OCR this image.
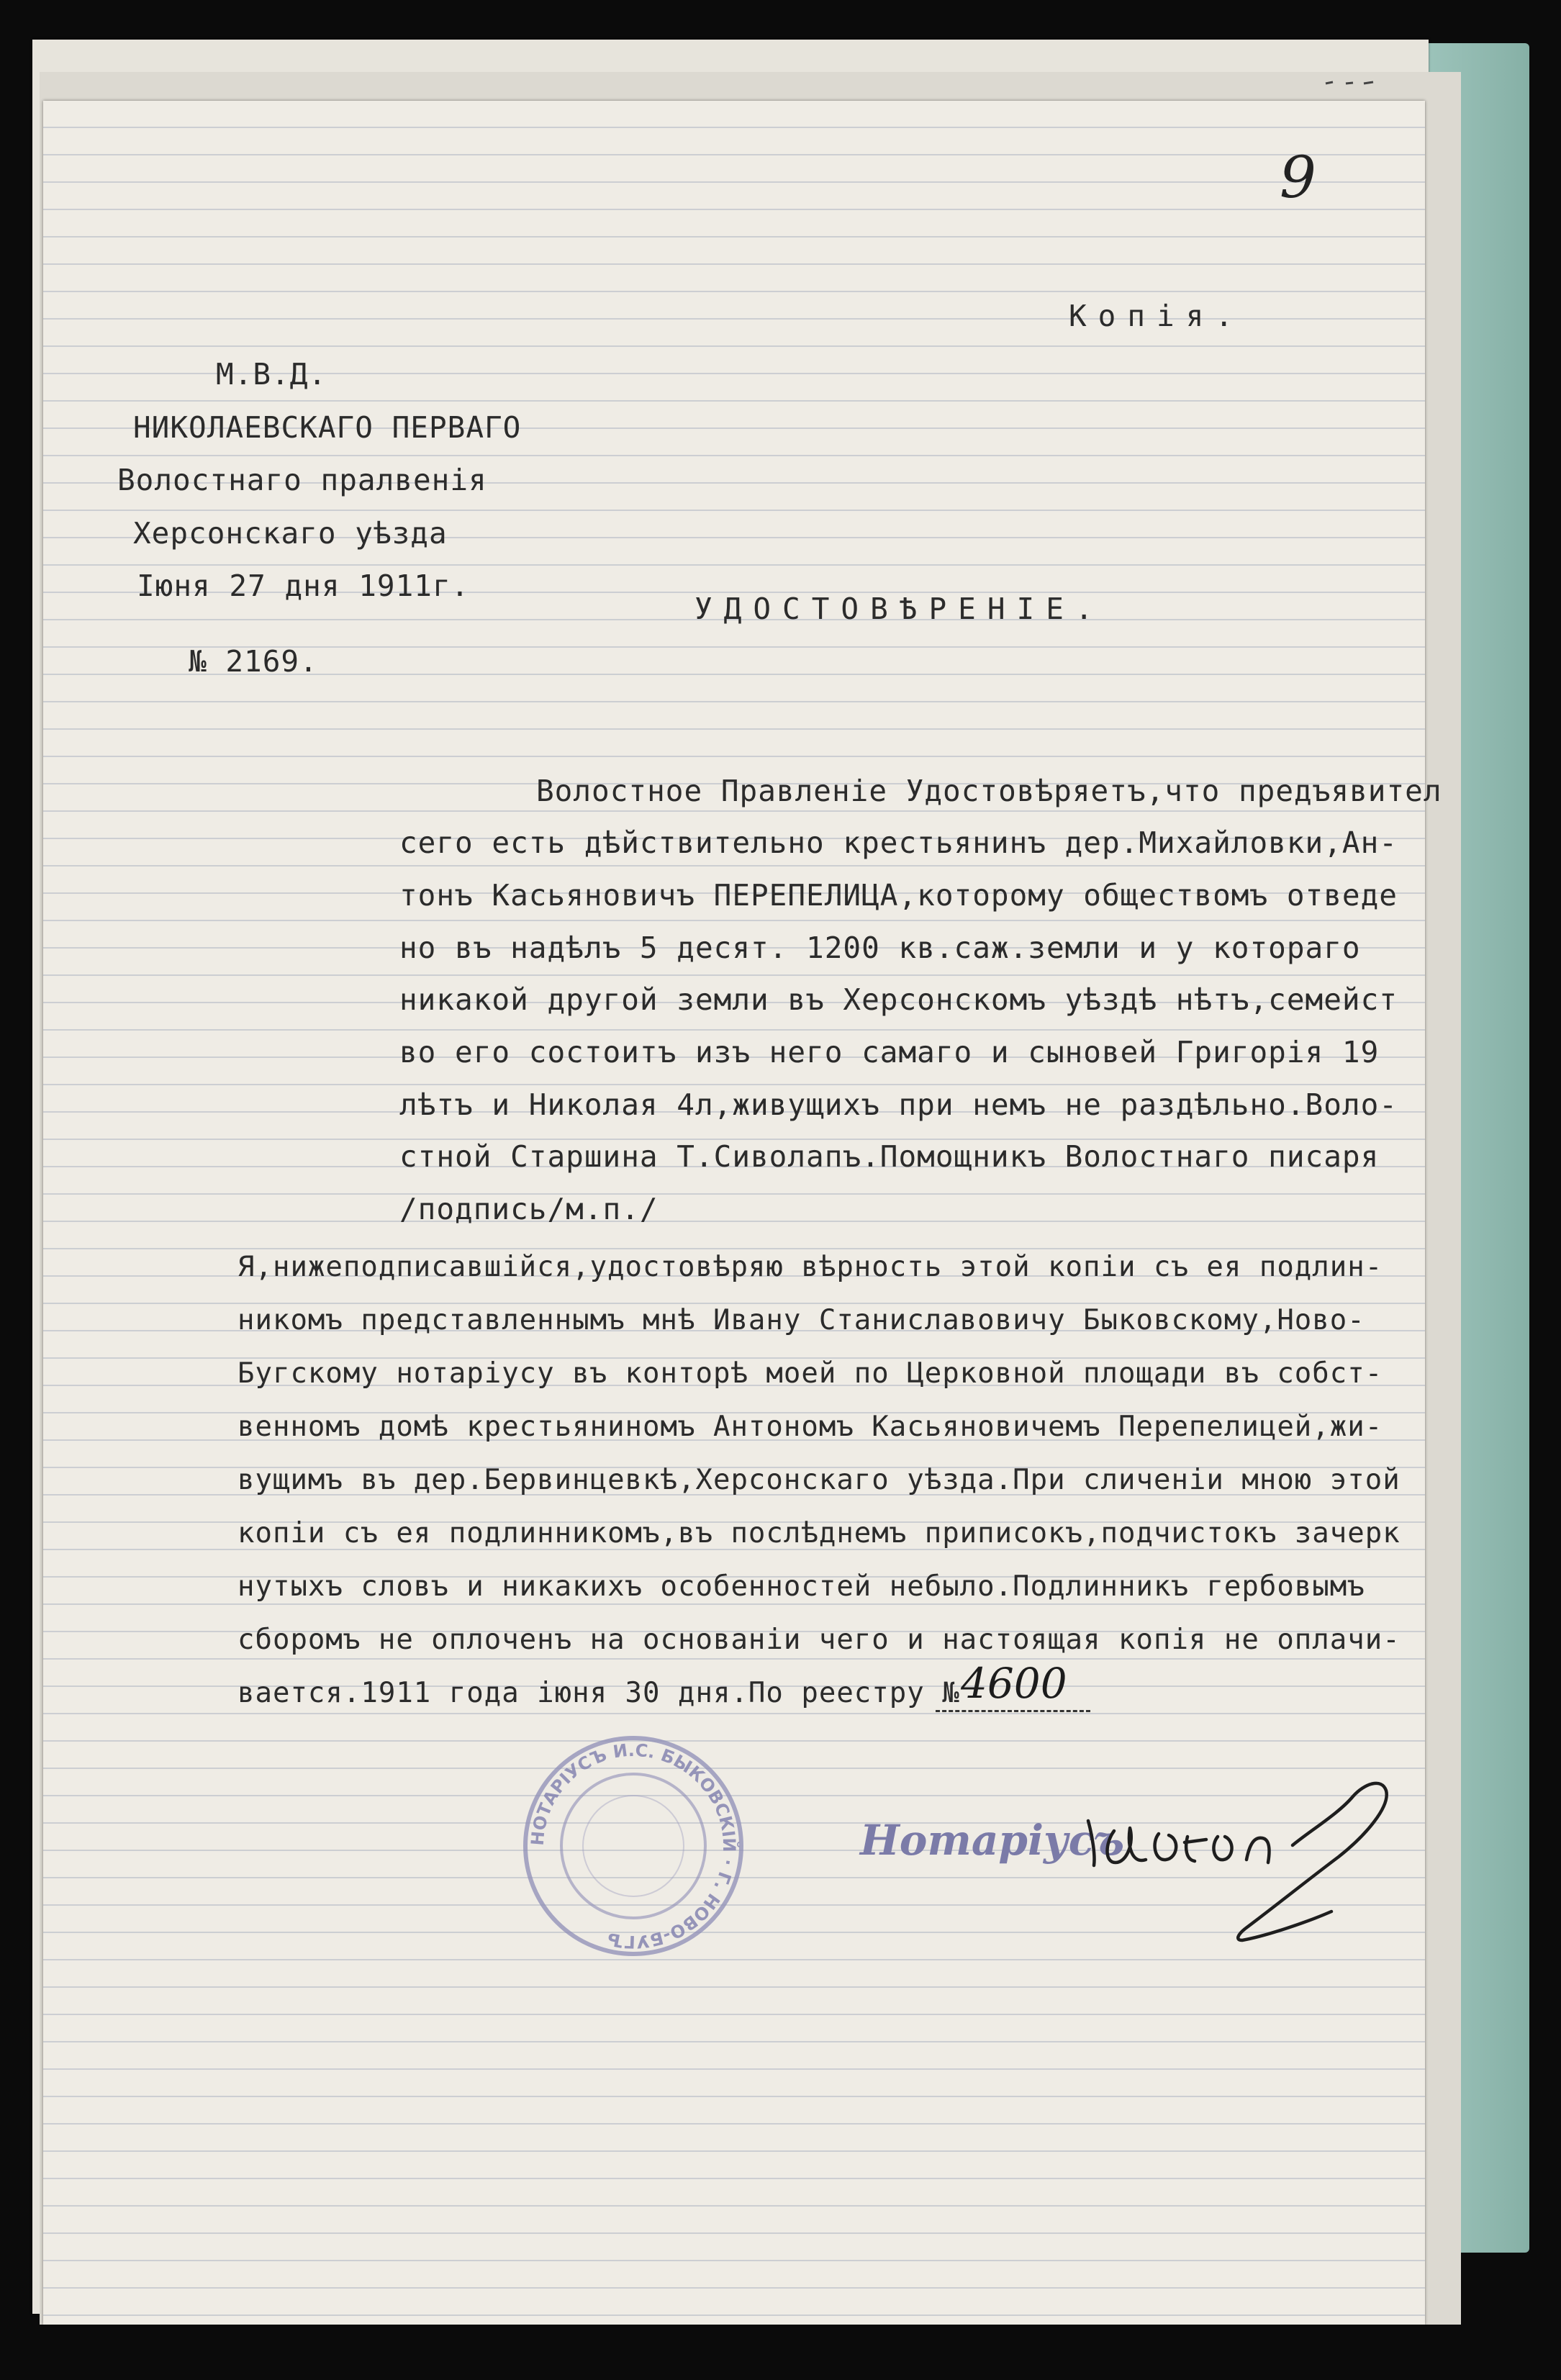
9
Копія.
М.В.Д.
НИКОЛАЕВСКАГО ПЕРВАГО
Волостнаго пралвенія
Херсонскаго уѣзда
Іюня 27 дня 1911г.
№ 2169.
УДОСТОВѢРЕНІЕ.
Волостное Правленіе Удостовѣряетъ,что предъявител
сего есть дѣйствительно крестьянинъ дер.Михайловки,Ан-
тонъ Касьяновичъ ПЕРЕПЕЛИЦА,которому обществомъ отведе
но въ надѣлъ 5 десят. 1200 кв.саж.земли и у котораго
никакой другой земли въ Херсонскомъ уѣздѣ нѣтъ,семейст
во его состоитъ изъ него самаго и сыновей Григорія 19
лѣтъ и Николая 4л,живущихъ при немъ не раздѣльно.Воло-
стной Старшина Т.Сиволапъ.Помощникъ Волостнаго писаря
/подпись/м.п./
Я,нижеподписавшійся,удостовѣряю вѣрность этой копіи съ ея подлин-
никомъ представленнымъ мнѣ Ивану Станиславовичу Быковскому,Ново-
Бугскому нотаріусу въ конторѣ моей по Церковной площади въ собст-
венномъ домѣ крестьяниномъ Антономъ Касьяновичемъ Перепелицей,жи-
вущимъ въ дер.Бервинцевкѣ,Херсонскаго уѣзда.При сличеніи мною этой
копіи съ ея подлинникомъ,въ послѣднемъ приписокъ,подчистокъ зачерк
нутыхъ словъ и никакихъ особенностей небыло.Подлинникъ гербовымъ
сборомъ не оплоченъ на основаніи чего и настоящая копія не оплачи-
вается.1911 года іюня 30 дня.По реестру № 4600
НОТАРІУСЪ И.С. БЫКОВСКІЙ · Г. НОВО-БУГЪ
Нотаріусъ
